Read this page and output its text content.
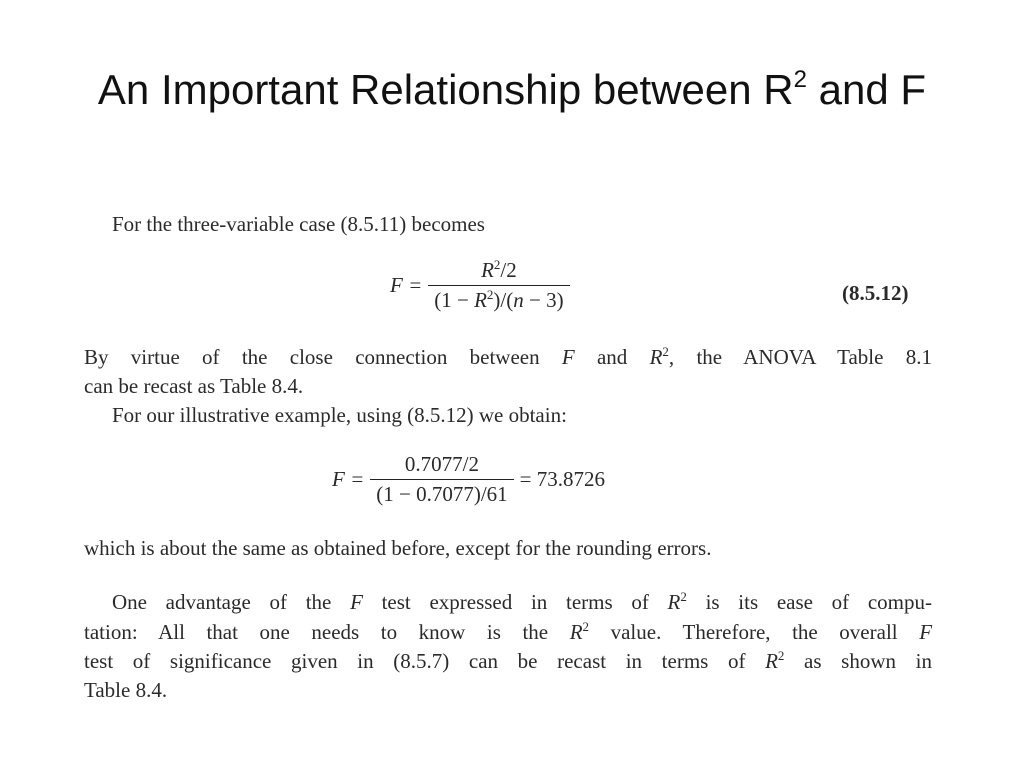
An Important Relationship between $R^2$ and F
For the three-variable case (8.5.11) becomes
$F = \frac{R^2/2}{(1 - R^2)/(n - 3)}$	(8.5.12)
By virtue of the close connection between F and $R^2$, the ANOVA Table 8.1
can be recast as Table 8.4.
For our illustrative example, using (8.5.12) we obtain:
$F = \frac{0.7077/2}{(1 - 0.7077)/61} = 73.8726$
which is about the same as obtained before, except for the rounding errors.
One advantage of the F test expressed in terms of $R^2$ is its ease of compu-
tation: All that one needs to know is the $R^2$ value. Therefore, the overall F
test of significance given in (8.5.7) can be recast in terms of $R^2$ as shown in
Table 8.4.
